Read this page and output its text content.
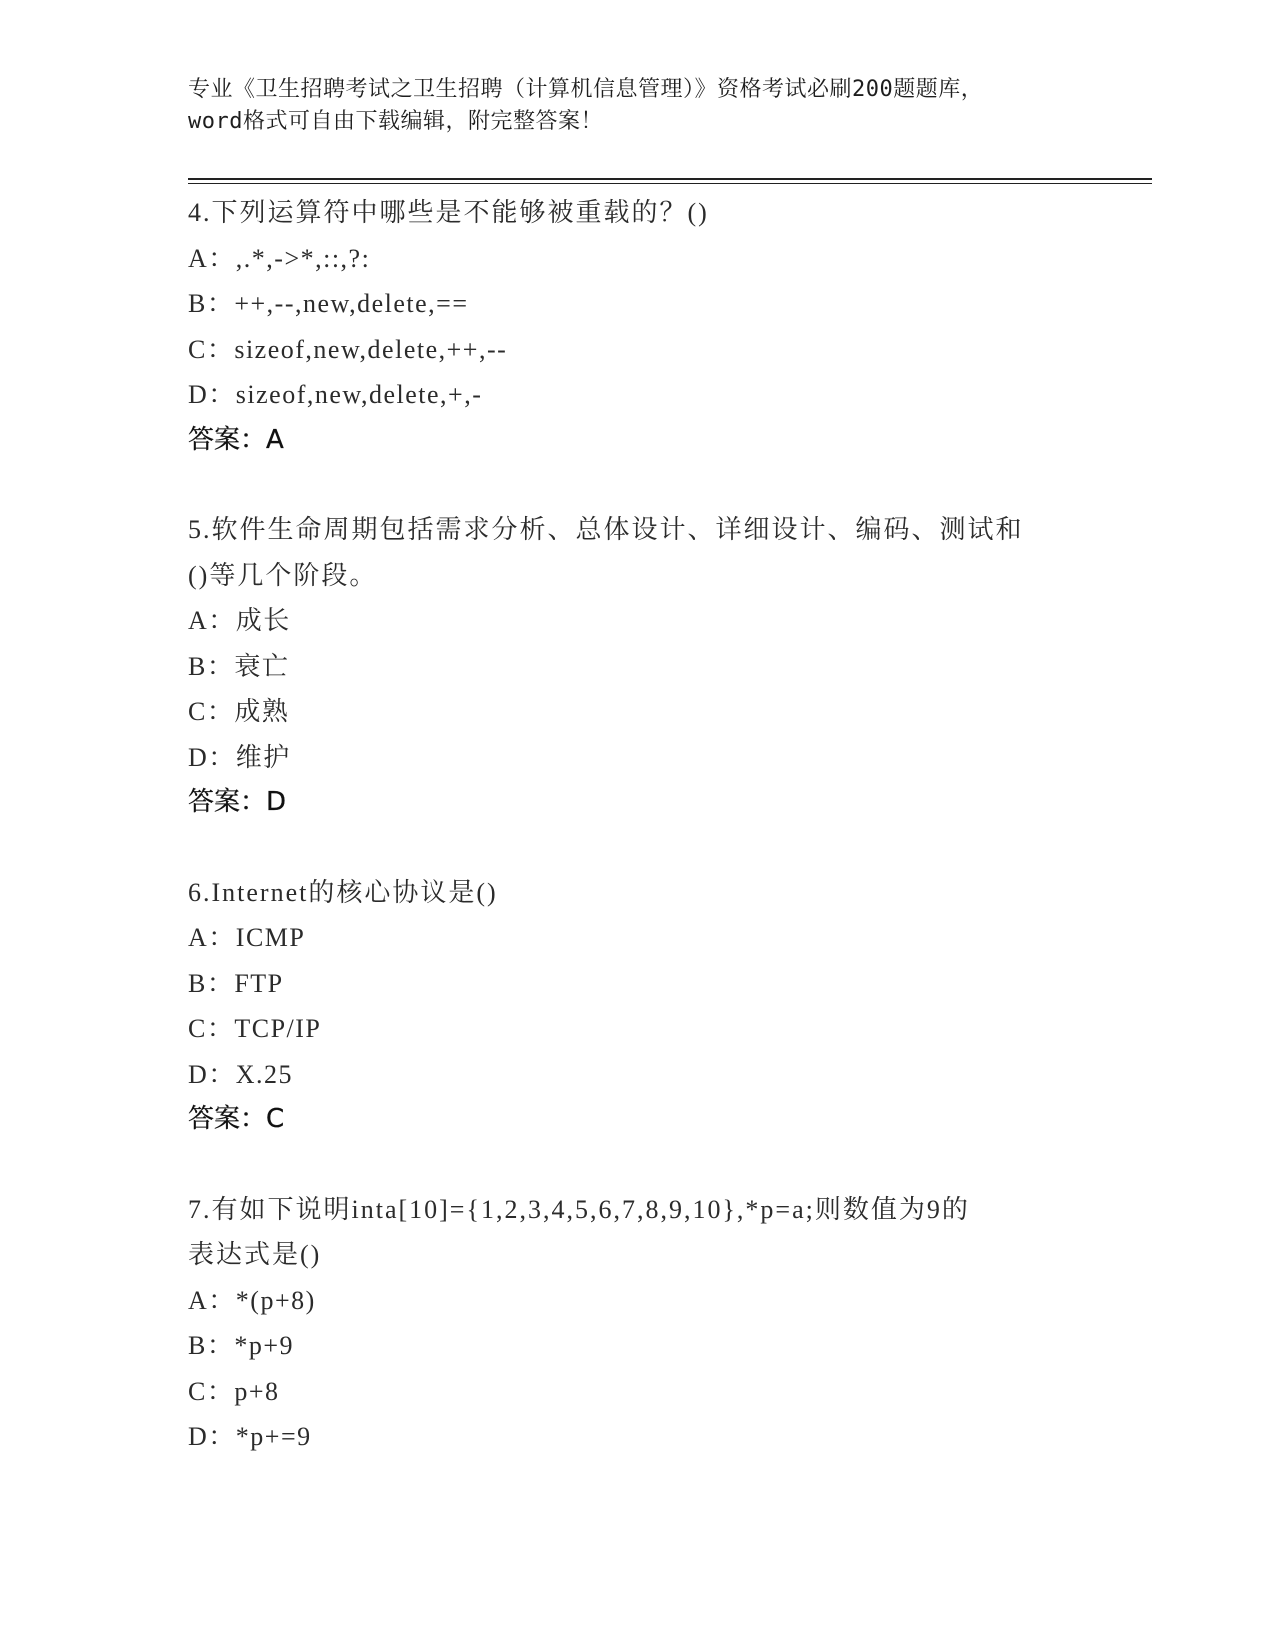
专业《卫生招聘考试之卫生招聘（计算机信息管理）》资格考试必刷200题题库，
word格式可自由下载编辑，附完整答案！
4.下列运算符中哪些是不能够被重载的？()
A：,.*,->*,::,?:
B：++,--,new,delete,==
C：sizeof,new,delete,++,--
D：sizeof,new,delete,+,-
答案：A
5.软件生命周期包括需求分析、总体设计、详细设计、编码、测试和
()等几个阶段。
A：成长
B：衰亡
C：成熟
D：维护
答案：D
6.Internet的核心协议是()
A：ICMP
B：FTP
C：TCP/IP
D：X.25
答案：C
7.有如下说明inta[10]={1,2,3,4,5,6,7,8,9,10},*p=a;则数值为9的
表达式是()
A：*(p+8)
B：*p+9
C：p+8
D：*p+=9
